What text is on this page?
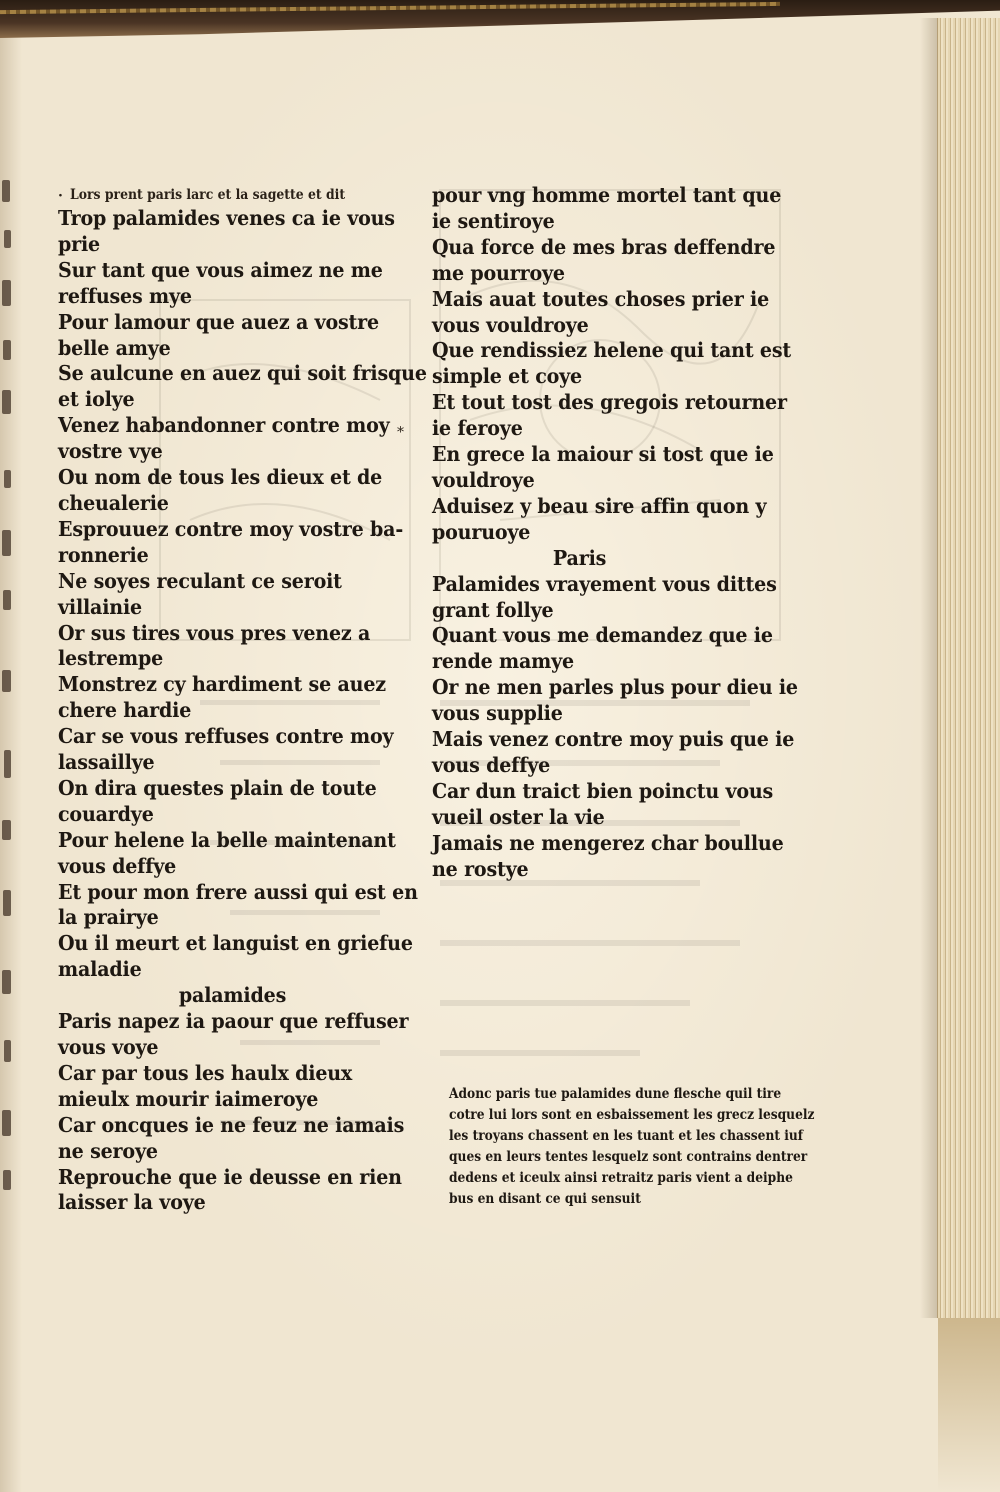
· Lors prent paris larc et la sagette et dit
⁎
Trop palamides venes ca ie vous
prie
Sur tant que vous aimez ne me
reffuses mye
Pour lamour que auez a vostre
belle amye
Se aulcune en auez qui soit frisque
et iolye
Venez habandonner contre moy
vostre vye
Ou nom de tous les dieux et de
cheualerie
Esprouuez contre moy vostre ba-
ronnerie
Ne soyes reculant ce seroit
villainie
Or sus tires vous pres venez a
lestrempe
Monstrez cy hardiment se auez
chere hardie
Car se vous reffuses contre moy
lassaillye
On dira questes plain de toute
couardye
Pour helene la belle maintenant
vous deffye
Et pour mon frere aussi qui est en
la prairye
Ou il meurt et languist en griefue
maladie
palamides
Paris napez ia paour que reffuser
vous voye
Car par tous les haulx dieux
mieulx mourir iaimeroye
Car oncques ie ne feuz ne iamais
ne seroye
Reprouche que ie deusse en rien
laisser la voye
pour vng homme mortel tant que
ie sentiroye
Qua force de mes bras deffendre
me pourroye
Mais auat toutes choses prier ie
vous vouldroye
Que rendissiez helene qui tant est
simple et coye
Et tout tost des gregois retourner
ie feroye
En grece la maiour si tost que ie
vouldroye
Aduisez y beau sire affin quon y
pouruoye
Paris
Palamides vrayement vous dittes
grant follye
Quant vous me demandez que ie
rende mamye
Or ne men parles plus pour dieu ie
vous supplie
Mais venez contre moy puis que ie
vous deffye
Car dun traict bien poinctu vous
vueil oster la vie
Jamais ne mengerez char boullue
ne rostye
Adonc paris tue palamides dune flesche quil tire
cotre lui lors sont en esbaissement les grecz lesquelz
les troyans chassent en les tuant et les chassent iuf
ques en leurs tentes lesquelz sont contrains dentrer
dedens et iceulx ainsi retraitz paris vient a deiphe
bus en disant ce qui sensuit
